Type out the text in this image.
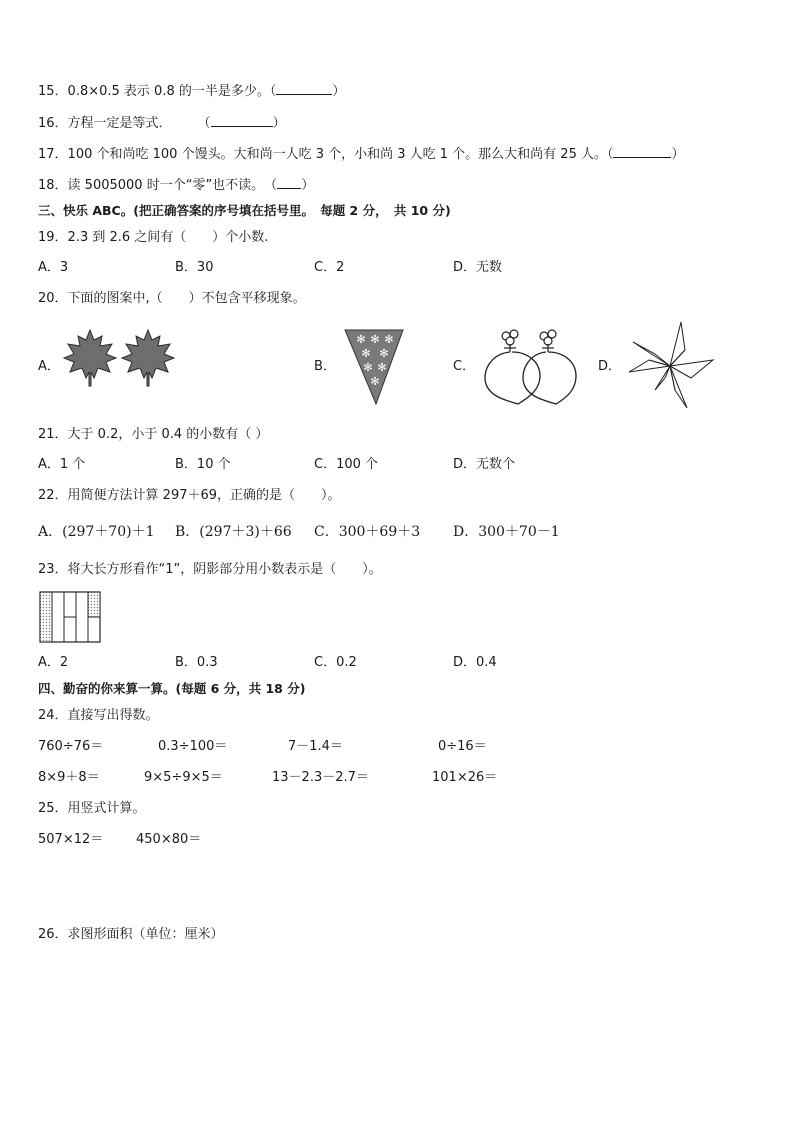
15．0.8×0.5 表示 0.8 的一半是多少。（	）
16．方程一定是等式．　　　（	）
17．100 个和尚吃 100 个馒头。大和尚一人吃 3 个，小和尚 3 人吃 1 个。那么大和尚有 25 人。（	）
18．读 5005000 时一个“零”也不读。　（ ）
三、快乐 ABC。(把正确答案的序号填在括号里。　每题 2 分，　共 10 分)
19．2.3 到 2.6 之间有（　　）个小数.
A．3	B．30	C．2	D．无数
20．下面的图案中,（　　）不包含平移现象。
A．	B．	C．	D．
✻ ✻ ✻
✻ ✻
✻ ✻
✻
21．大于 0.2，小于 0.4 的小数有（ ）
A．1 个	B．10 个	C．100 个	D．无数个
22．用简便方法计算 297＋69，正确的是（　　）。
A．(297＋70)＋1 B．(297＋3)＋66 C．300＋69＋3 D．300＋70－1
23．将大长方形看作“1”，阴影部分用小数表示是（　　）。
A．2	B．0.3	C．0.2	D．0.4
四、勤奋的你来算一算。(每题 6 分，共 18 分)
24．直接写出得数。
760÷76＝	0.3÷100＝	7－1.4＝	0÷16＝
8×9＋8＝	9×5÷9×5＝	13－2.3－2.7＝	101×26＝
25．用竖式计算。
507×12＝	450×80＝
26．求图形面积（单位：厘米）
